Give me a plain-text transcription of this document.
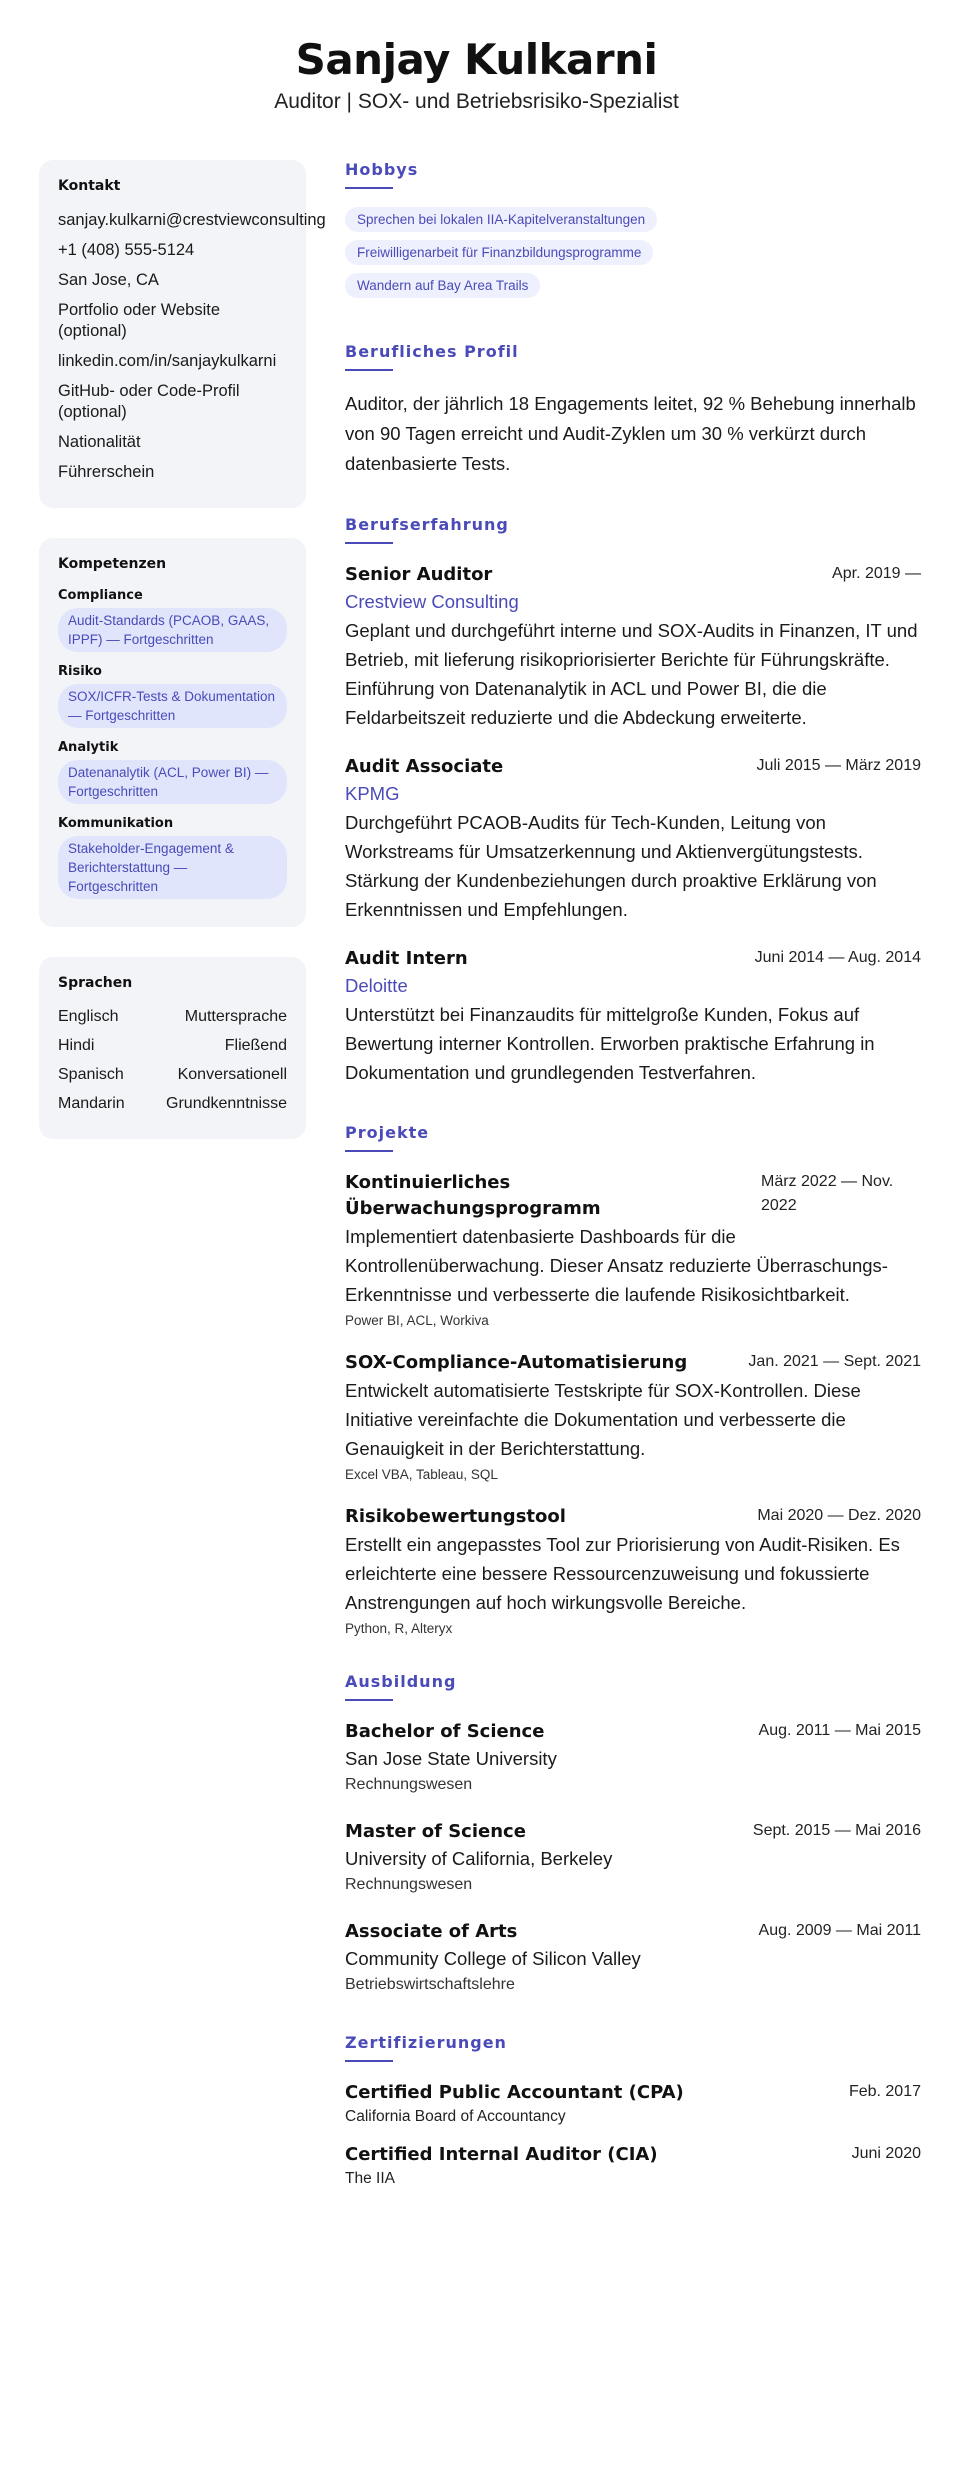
Sanjay Kulkarni
Auditor | SOX- und Betriebsrisiko-Spezialist
Kontakt
sanjay.kulkarni@crestviewconsulting
+1 (408) 555-5124
San Jose, CA
Portfolio oder Website (optional)
linkedin.com/in/sanjaykulkarni
GitHub- oder Code-Profil (optional)
Nationalität
Führerschein
Kompetenzen
Compliance
Audit-Standards (PCAOB, GAAS, IPPF) — Fortgeschritten
Risiko
SOX/ICFR-Tests & Dokumentation — Fortgeschritten
Analytik
Datenanalytik (ACL, Power BI) — Fortgeschritten
Kommunikation
Stakeholder-Engagement & Berichterstattung — Fortgeschritten
Sprachen
Englisch	Muttersprache
Hindi	Fließend
Spanisch	Konversationell
Mandarin	Grundkenntnisse
Hobbys
Sprechen bei lokalen IIA-Kapitelveranstaltungen
Freiwilligenarbeit für Finanzbildungsprogramme
Wandern auf Bay Area Trails
Berufliches Profil
Auditor, der jährlich 18 Engagements leitet, 92 % Behebung innerhalb von 90 Tagen erreicht und Audit-Zyklen um 30 % verkürzt durch datenbasierte Tests.
Berufserfahrung
Senior Auditor	Apr. 2019 —
Crestview Consulting
Geplant und durchgeführt interne und SOX-Audits in Finanzen, IT und Betrieb, mit lieferung risikopriorisierter Berichte für Führungskräfte. Einführung von Datenanalytik in ACL und Power BI, die die Feldarbeitszeit reduzierte und die Abdeckung erweiterte.
Audit Associate	Juli 2015 — März 2019
KPMG
Durchgeführt PCAOB-Audits für Tech-Kunden, Leitung von Workstreams für Umsatzerkennung und Aktienvergütungstests. Stärkung der Kundenbeziehungen durch proaktive Erklärung von Erkenntnissen und Empfehlungen.
Audit Intern	Juni 2014 — Aug. 2014
Deloitte
Unterstützt bei Finanzaudits für mittelgroße Kunden, Fokus auf Bewertung interner Kontrollen. Erworben praktische Erfahrung in Dokumentation und grundlegenden Testverfahren.
Projekte
Kontinuierliches Überwachungsprogramm
März 2022 — Nov. 2022
Implementiert datenbasierte Dashboards für die Kontrollenüberwachung. Dieser Ansatz reduzierte Überraschungs-Erkenntnisse und verbesserte die laufende Risikosichtbarkeit.
Power BI, ACL, Workiva
SOX-Compliance-Automatisierung	Jan. 2021 — Sept. 2021
Entwickelt automatisierte Testskripte für SOX-Kontrollen. Diese Initiative vereinfachte die Dokumentation und verbesserte die Genauigkeit in der Berichterstattung.
Excel VBA, Tableau, SQL
Risikobewertungstool	Mai 2020 — Dez. 2020
Erstellt ein angepasstes Tool zur Priorisierung von Audit-Risiken. Es erleichterte eine bessere Ressourcenzuweisung und fokussierte Anstrengungen auf hoch wirkungsvolle Bereiche.
Python, R, Alteryx
Ausbildung
Bachelor of Science	Aug. 2011 — Mai 2015
San Jose State University
Rechnungswesen
Master of Science	Sept. 2015 — Mai 2016
University of California, Berkeley
Rechnungswesen
Associate of Arts	Aug. 2009 — Mai 2011
Community College of Silicon Valley
Betriebswirtschaftslehre
Zertifizierungen
Certified Public Accountant (CPA)	Feb. 2017
California Board of Accountancy
Certified Internal Auditor (CIA)	Juni 2020
The IIA
